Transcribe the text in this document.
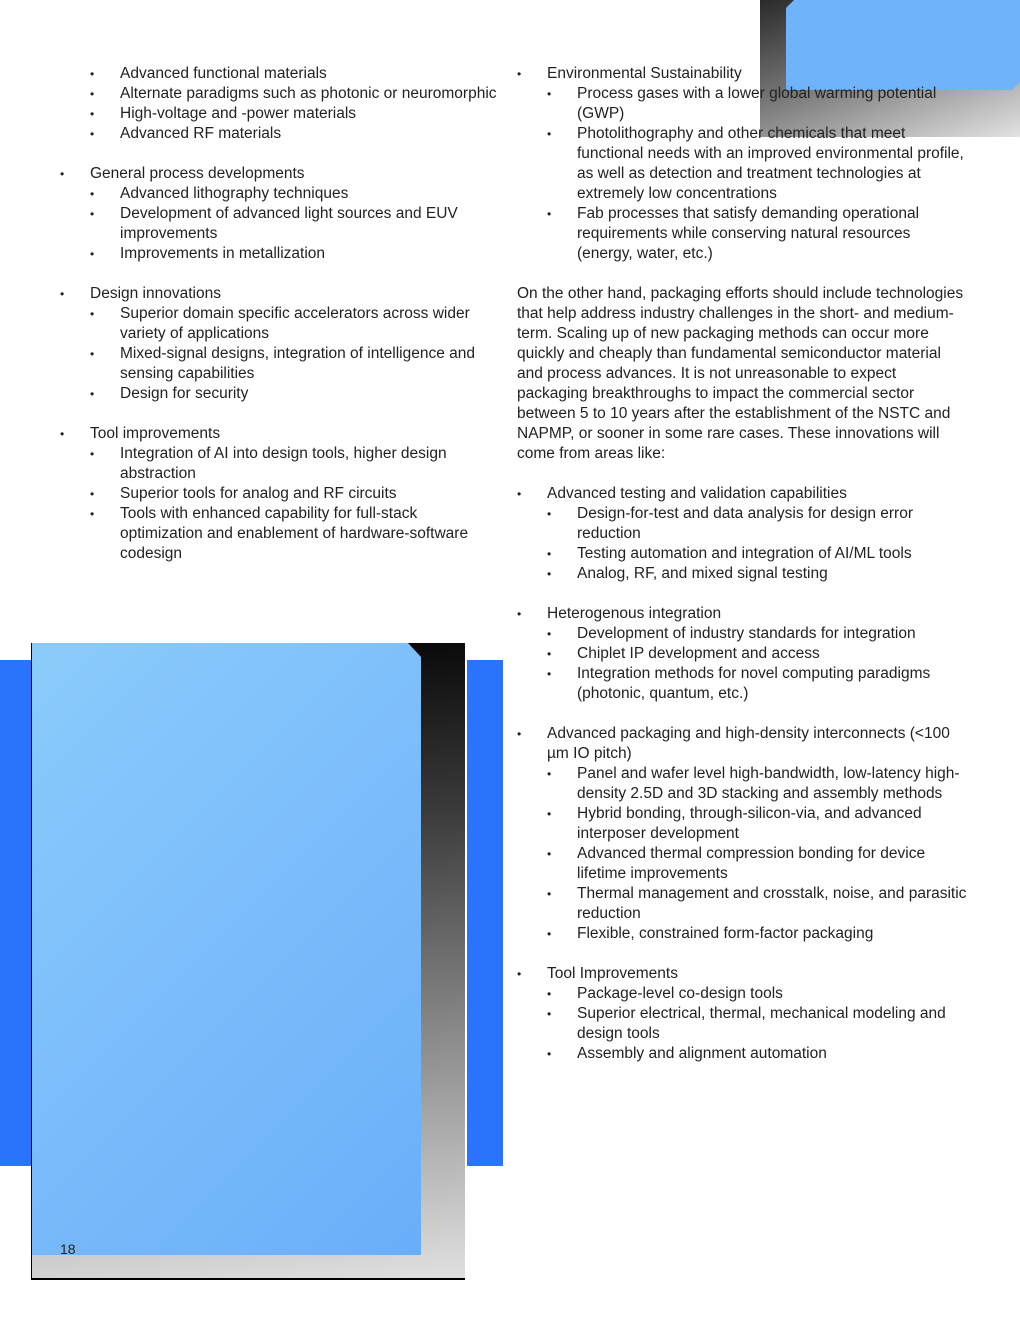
• Advanced functional materials
• Alternate paradigms such as photonic or neuromorphic
• High-voltage and -power materials
• Advanced RF materials
• General process developments
• Advanced lithography techniques
• Development of advanced light sources and EUV improvements
• Improvements in metallization
• Design innovations
• Superior domain specific accelerators across wider variety of applications
• Mixed-signal designs, integration of intelligence and sensing capabilities
• Design for security
• Tool improvements
• Integration of AI into design tools, higher design abstraction
• Superior tools for analog and RF circuits
• Tools with enhanced capability for full-stack optimization and enablement of hardware-software codesign
• Environmental Sustainability
• Process gases with a lower global warming potential (GWP)
• Photolithography and other chemicals that meet functional needs with an improved environmental profile, as well as detection and treatment technologies at extremely low concentrations
• Fab processes that satisfy demanding operational requirements while conserving natural resources (energy, water, etc.)

On the other hand, packaging efforts should include technologies that help address industry challenges in the short- and medium-term. Scaling up of new packaging methods can occur more quickly and cheaply than fundamental semiconductor material and process advances. It is not unreasonable to expect packaging breakthroughs to impact the commercial sector between 5 to 10 years after the establishment of the NSTC and NAPMP, or sooner in some rare cases. These innovations will come from areas like:

• Advanced testing and validation capabilities
• Design-for-test and data analysis for design error reduction
• Testing automation and integration of AI/ML tools
• Analog, RF, and mixed signal testing
• Heterogenous integration
• Development of industry standards for integration
• Chiplet IP development and access
• Integration methods for novel computing paradigms (photonic, quantum, etc.)
• Advanced packaging and high-density interconnects (<100 µm IO pitch)
• Panel and wafer level high-bandwidth, low-latency high-density 2.5D and 3D stacking and assembly methods
• Hybrid bonding, through-silicon-via, and advanced interposer development
• Advanced thermal compression bonding for device lifetime improvements
• Thermal management and crosstalk, noise, and parasitic reduction
• Flexible, constrained form-factor packaging
• Tool Improvements
• Package-level co-design tools
• Superior electrical, thermal, mechanical modeling and design tools
• Assembly and alignment automation
18
